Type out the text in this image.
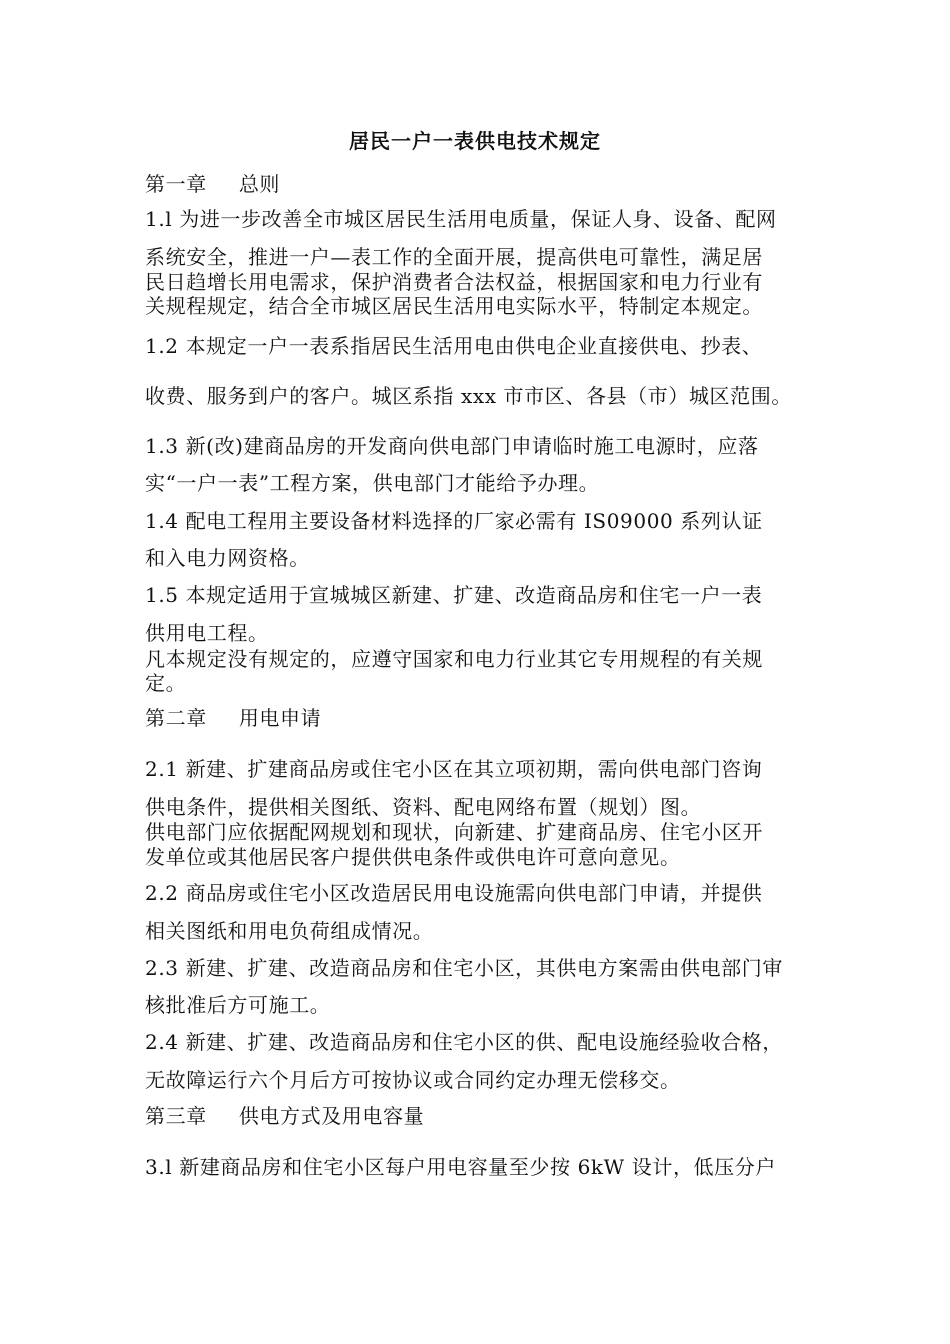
居民一户一表供电技术规定
第一章 总则
1.l 为进一步改善全市城区居民生活用电质量，保证人身、设备、配网
系统安全，推进一户—表工作的全面开展，提高供电可靠性，满足居
民日趋增长用电需求，保护消费者合法权益，根据国家和电力行业有
关规程规定，结合全市城区居民生活用电实际水平，特制定本规定。
1.2 本规定一户一表系指居民生活用电由供电企业直接供电、抄表、
收费、服务到户的客户。城区系指 xxx 市市区、各县（市）城区范围。
1.3 新(改)建商品房的开发商向供电部门申请临时施工电源时，应落
实“一户一表”工程方案，供电部门才能给予办理。
1.4 配电工程用主要设备材料选择的厂家必需有 IS09000 系列认证
和入电力网资格。
1.5 本规定适用于宣城城区新建、扩建、改造商品房和住宅一户一表
供用电工程。
凡本规定没有规定的，应遵守国家和电力行业其它专用规程的有关规
定。
第二章 用电申请
2.1 新建、扩建商品房或住宅小区在其立项初期，需向供电部门咨询
供电条件，提供相关图纸、资料、配电网络布置（规划）图。
供电部门应依据配网规划和现状，向新建、扩建商品房、住宅小区开
发单位或其他居民客户提供供电条件或供电许可意向意见。
2.2 商品房或住宅小区改造居民用电设施需向供电部门申请，并提供
相关图纸和用电负荷组成情况。
2.3 新建、扩建、改造商品房和住宅小区，其供电方案需由供电部门审
核批准后方可施工。
2.4 新建、扩建、改造商品房和住宅小区的供、配电设施经验收合格，
无故障运行六个月后方可按协议或合同约定办理无偿移交。
第三章 供电方式及用电容量
3.l 新建商品房和住宅小区每户用电容量至少按 6kW 设计，低压分户
